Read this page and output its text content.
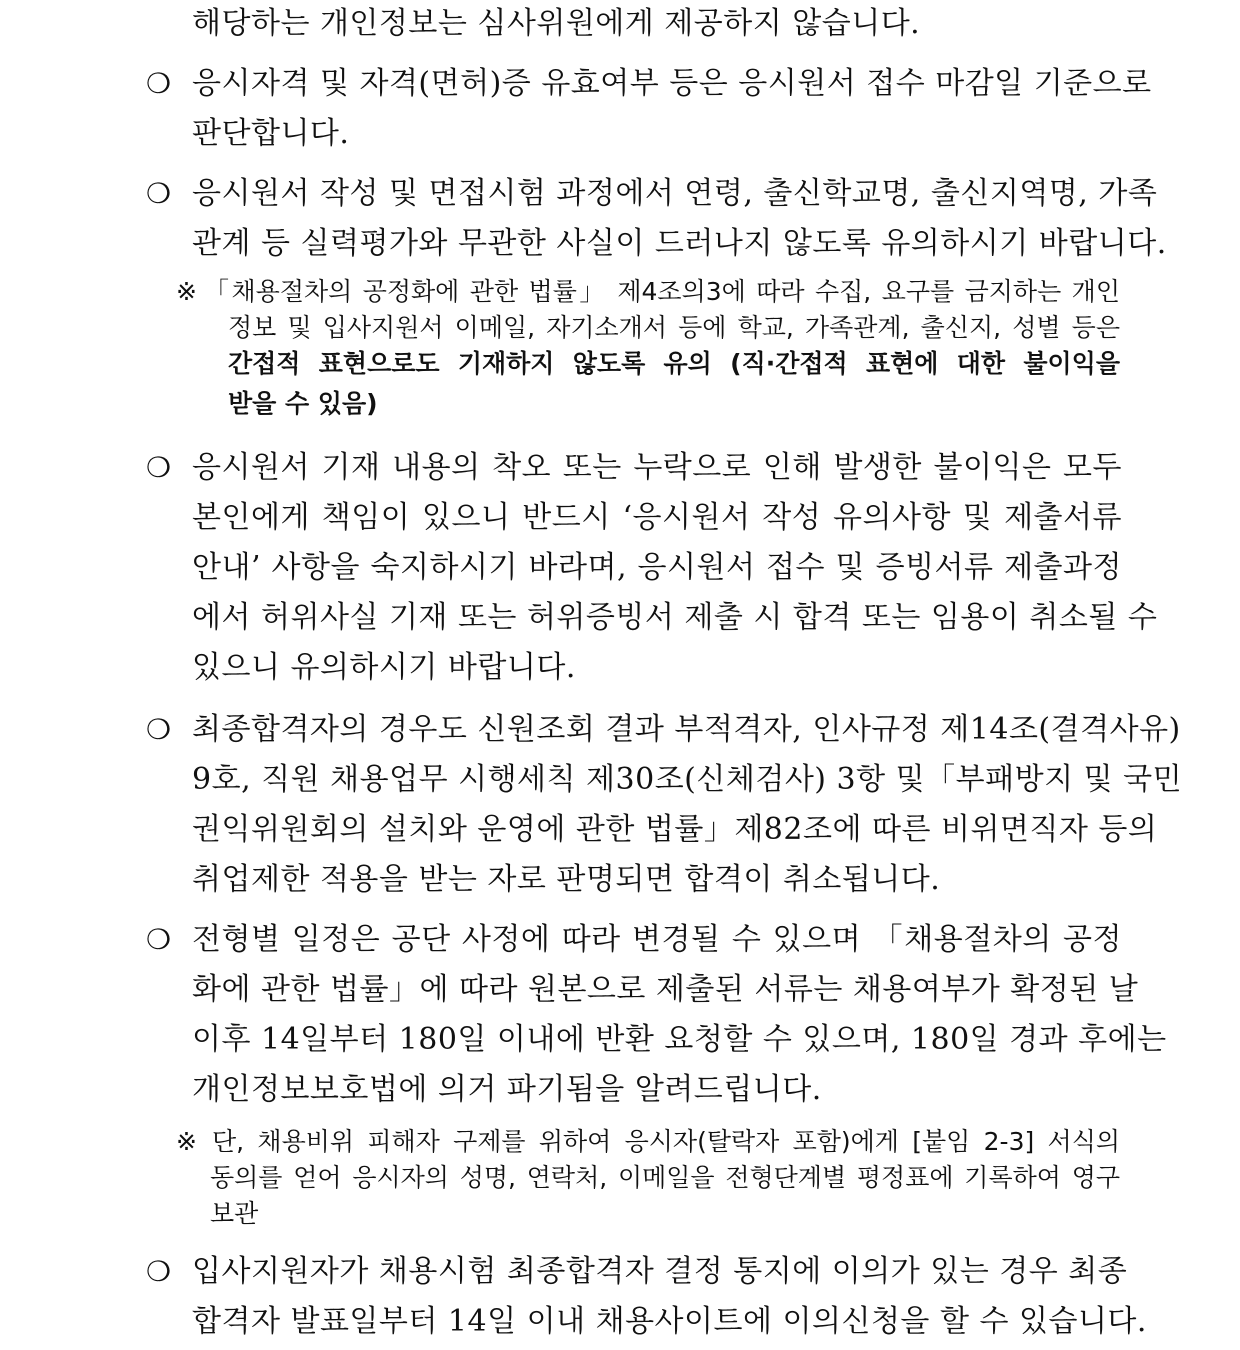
해당하는 개인정보는 심사위원에게 제공하지 않습니다.
❍ 응시자격 및 자격(면허)증 유효여부 등은 응시원서 접수 마감일 기준으로
판단합니다.
❍ 응시원서 작성 및 면접시험 과정에서 연령, 출신학교명, 출신지역명, 가족
관계 등 실력평가와 무관한 사실이 드러나지 않도록 유의하시기 바랍니다.
※ 「채용절차의 공정화에 관한 법률」 제4조의3에 따라 수집, 요구를 금지하는 개인
정보 및 입사지원서 이메일, 자기소개서 등에 학교, 가족관계, 출신지, 성별 등은
간접적 표현으로도 기재하지 않도록 유의 (직·간접적 표현에 대한 불이익을
받을 수 있음)
❍ 응시원서 기재 내용의 착오 또는 누락으로 인해 발생한 불이익은 모두
본인에게 책임이 있으니 반드시 ‘응시원서 작성 유의사항 및 제출서류
안내’ 사항을 숙지하시기 바라며, 응시원서 접수 및 증빙서류 제출과정
에서 허위사실 기재 또는 허위증빙서 제출 시 합격 또는 임용이 취소될 수
있으니 유의하시기 바랍니다.
❍ 최종합격자의 경우도 신원조회 결과 부적격자, 인사규정 제14조(결격사유)
9호, 직원 채용업무 시행세칙 제30조(신체검사) 3항 및「부패방지 및 국민
권익위원회의 설치와 운영에 관한 법률」제82조에 따른 비위면직자 등의
취업제한 적용을 받는 자로 판명되면 합격이 취소됩니다.
❍ 전형별 일정은 공단 사정에 따라 변경될 수 있으며 「채용절차의 공정
화에 관한 법률」에 따라 원본으로 제출된 서류는 채용여부가 확정된 날
이후 14일부터 180일 이내에 반환 요청할 수 있으며, 180일 경과 후에는
개인정보보호법에 의거 파기됨을 알려드립니다.
※ 단, 채용비위 피해자 구제를 위하여 응시자(탈락자 포함)에게 [붙임 2-3] 서식의
동의를 얻어 응시자의 성명, 연락처, 이메일을 전형단계별 평정표에 기록하여 영구
보관
❍ 입사지원자가 채용시험 최종합격자 결정 통지에 이의가 있는 경우 최종
합격자 발표일부터 14일 이내 채용사이트에 이의신청을 할 수 있습니다.
